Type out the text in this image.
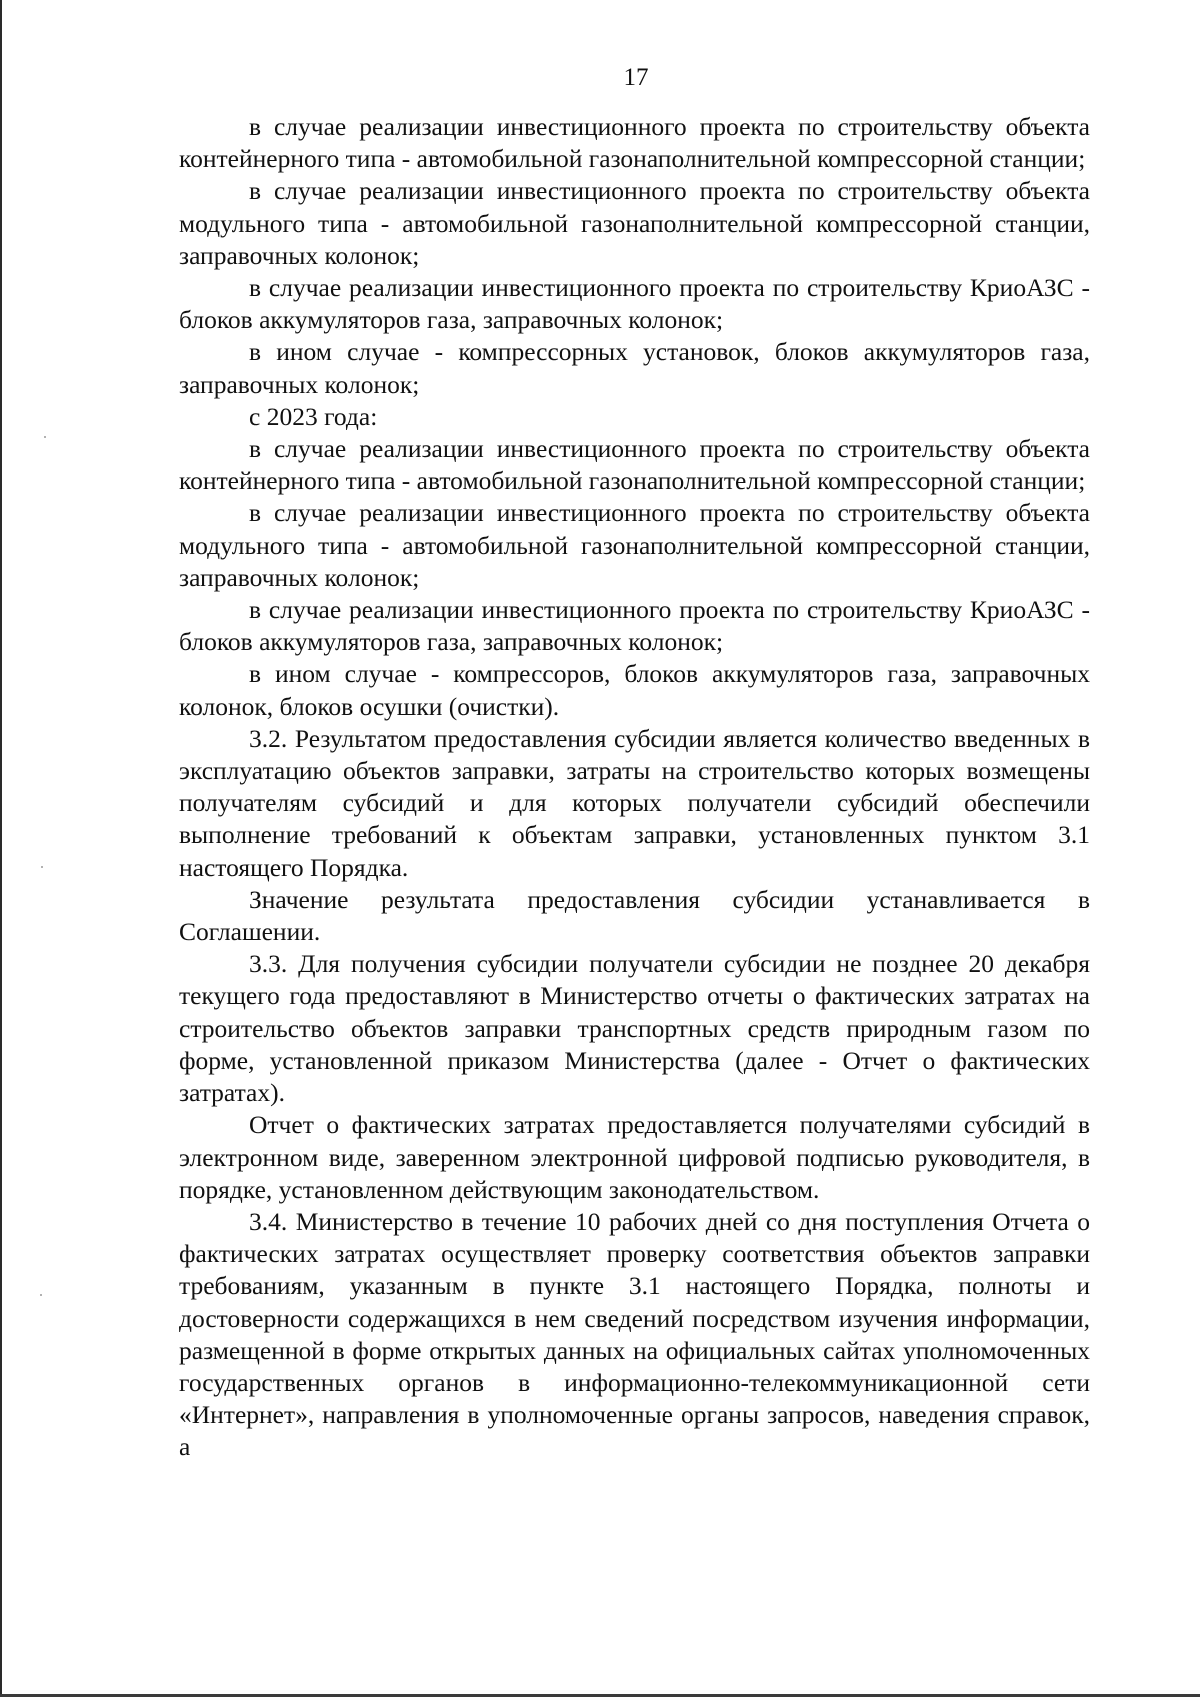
17

в случае реализации инвестиционного проекта по строительству объекта контейнерного типа - автомобильной газонаполнительной компрессорной станции;

в случае реализации инвестиционного проекта по строительству объекта модульного типа - автомобильной газонаполнительной компрессорной станции, заправочных колонок;

в случае реализации инвестиционного проекта по строительству КриоАЗС - блоков аккумуляторов газа, заправочных колонок;

в ином случае - компрессорных установок, блоков аккумуляторов газа, заправочных колонок;

с 2023 года:

в случае реализации инвестиционного проекта по строительству объекта контейнерного типа - автомобильной газонаполнительной компрессорной станции;

в случае реализации инвестиционного проекта по строительству объекта модульного типа - автомобильной газонаполнительной компрессорной станции, заправочных колонок;

в случае реализации инвестиционного проекта по строительству КриоАЗС - блоков аккумуляторов газа, заправочных колонок;

в ином случае - компрессоров, блоков аккумуляторов газа, заправочных колонок, блоков осушки (очистки).

3.2. Результатом предоставления субсидии является количество введенных в эксплуатацию объектов заправки, затраты на строительство которых возмещены получателям субсидий и для которых получатели субсидий обеспечили выполнение требований к объектам заправки, установленных пунктом 3.1 настоящего Порядка.

Значение результата предоставления субсидии устанавливается в Соглашении.

3.3. Для получения субсидии получатели субсидии не позднее 20 декабря текущего года предоставляют в Министерство отчеты о фактических затратах на строительство объектов заправки транспортных средств природным газом по форме, установленной приказом Министерства (далее - Отчет о фактических затратах).

Отчет о фактических затратах предоставляется получателями субсидий в электронном виде, заверенном электронной цифровой подписью руководителя, в порядке, установленном действующим законодательством.

3.4. Министерство в течение 10 рабочих дней со дня поступления Отчета о фактических затратах осуществляет проверку соответствия объектов заправки требованиям, указанным в пункте 3.1 настоящего Порядка, полноты и достоверности содержащихся в нем сведений посредством изучения информации, размещенной в форме открытых данных на официальных сайтах уполномоченных государственных органов в информационно-телекоммуникационной сети «Интернет», направления в уполномоченные органы запросов, наведения справок, а
